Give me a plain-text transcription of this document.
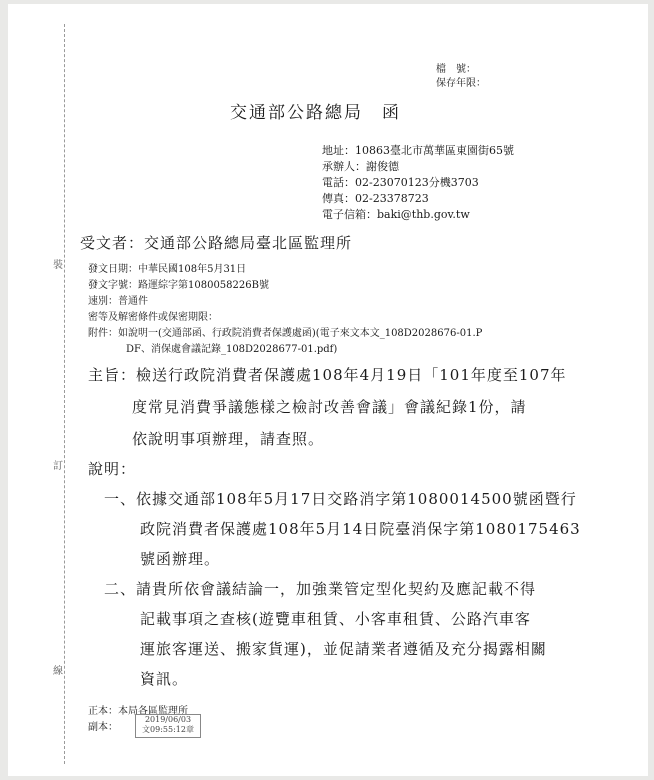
裝
訂
線
檔　號：
保存年限：
交通部公路總局　函
地址：10863臺北市萬華區東園街65號
承辦人：謝俊德
電話：02-23070123分機3703
傳真：02-23378723
電子信箱：baki@thb.gov.tw
受文者：交通部公路總局臺北區監理所
發文日期：中華民國108年5月31日
發文字號：路運綜字第1080058226B號
速別：普通件
密等及解密條件或保密期限：
附件：如說明一(交通部函、行政院消費者保護處函)(電子來文本文_108D2028676-01.P
DF、消保處會議記錄_108D2028677-01.pdf)
主旨：檢送行政院消費者保護處108年4月19日「101年度至107年
度常見消費爭議態樣之檢討改善會議」會議紀錄1份，請
依說明事項辦理，請查照。
說明：
一、依據交通部108年5月17日交路消字第1080014500號函暨行
政院消費者保護處108年5月14日院臺消保字第1080175463
號函辦理。
二、請貴所依會議結論一，加強業管定型化契約及應記載不得
記載事項之查核(遊覽車租賃、小客車租賃、公路汽車客
運旅客運送、搬家貨運)，並促請業者遵循及充分揭露相關
資訊。
正本：本局各區監理所
副本：
2019/06/03
文09:55:12章
